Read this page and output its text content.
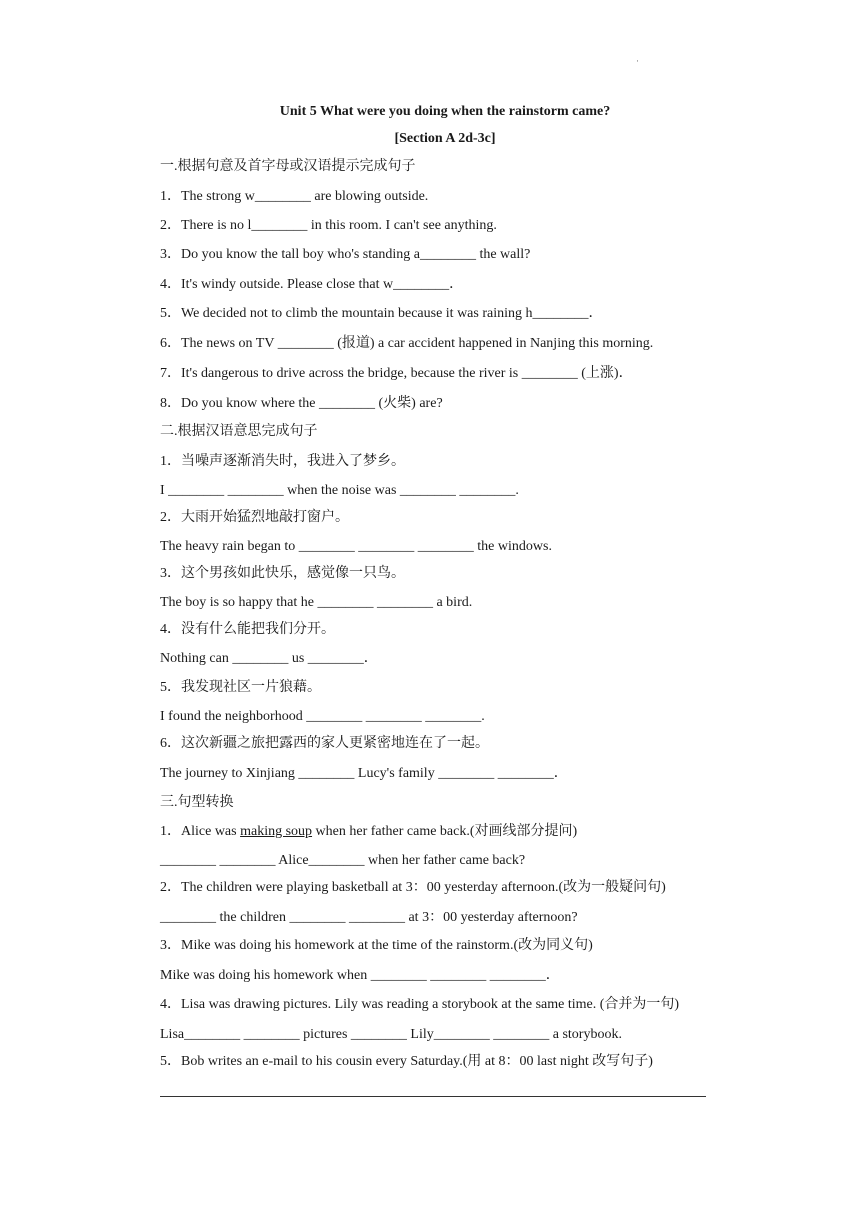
·
Unit 5 What were you doing when the rainstorm came?
[Section A 2d-3c]
一.根据句意及首字母或汉语提示完成句子
1．The strong w________ are blowing outside.
2．There is no l________ in this room. I can't see anything.
3．Do you know the tall boy who's standing a________ the wall?
4．It's windy outside. Please close that w________．
5．We decided not to climb the mountain because it was raining h________．
6．The news on TV ________ (报道) a car accident happened in Nanjing this morning.
7．It's dangerous to drive across the bridge, because the river is ________ (上涨)．
8．Do you know where the ________ (火柴) are?
二.根据汉语意思完成句子
1．当噪声逐渐消失时，我进入了梦乡。
I ________ ________ when the noise was ________ ________.
2．大雨开始猛烈地敲打窗户。
The heavy rain began to ________ ________ ________ the windows.
3．这个男孩如此快乐，感觉像一只鸟。
The boy is so happy that he ________ ________ a bird.
4．没有什么能把我们分开。
Nothing can ________ us ________．
5．我发现社区一片狼藉。
I found the neighborhood ________ ________ ________.
6．这次新疆之旅把露西的家人更紧密地连在了一起。
The journey to Xinjiang ________ Lucy's family ________ ________．
三.句型转换
1．Alice was making soup when her father came back.(对画线部分提问)
________ ________ Alice________ when her father came back?
2．The children were playing basketball at 3：00 yesterday afternoon.(改为一般疑问句)
________ the children ________ ________ at 3：00 yesterday afternoon?
3．Mike was doing his homework at the time of the rainstorm.(改为同义句)
Mike was doing his homework when ________ ________ ________．
4．Lisa was drawing pictures. Lily was reading a storybook at the same time. (合并为一句)
Lisa________ ________ pictures ________ Lily________ ________ a storybook.
5．Bob writes an e-mail to his cousin every Saturday.(用 at 8：00 last night 改写句子)
